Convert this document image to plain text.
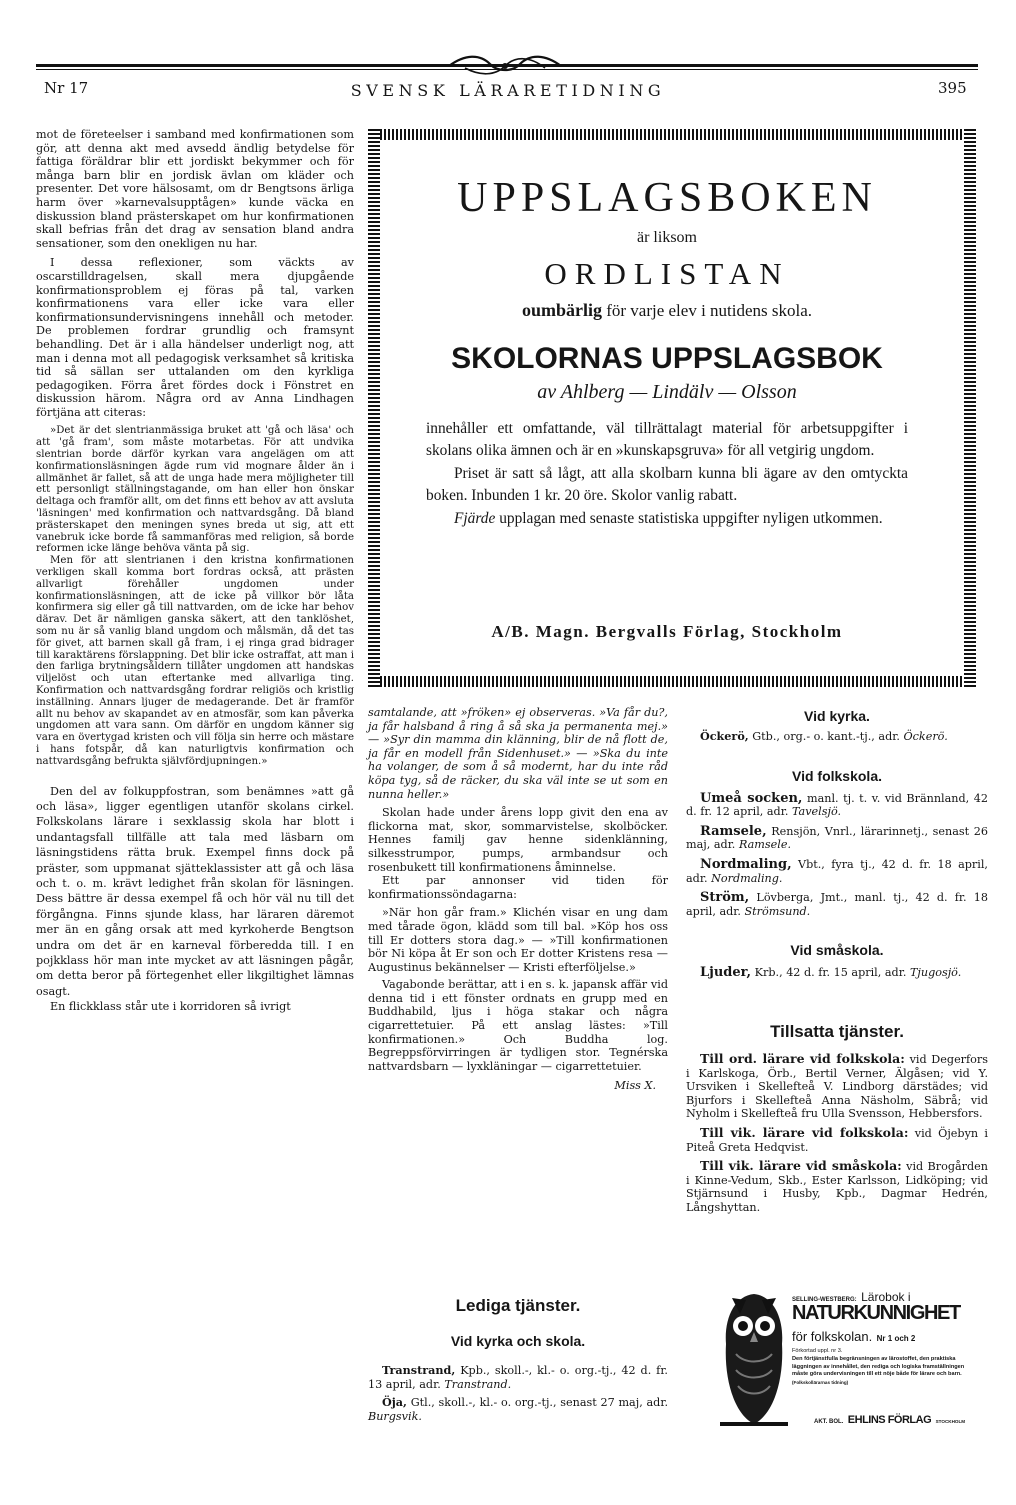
Nr 17	SVENSK LÄRARETIDNING	395

mot de företeelser i samband med konfirmationen som gör, att denna akt med avsedd ändlig betydelse för fattiga föräldrar blir ett jordiskt bekymmer och för många barn blir en jordisk ävlan om kläder och presenter. Det vore hälsosamt, om dr Bengtsons ärliga harm över »karnevalsupptågen» kunde väcka en diskussion bland prästerskapet om hur konfirmationen skall befrias från det drag av sensation bland andra sensationer, som den onekligen nu har.

I dessa reflexioner, som väckts av oscarstilldragelsen, skall mera djupgående konfirmationsproblem ej föras på tal, varken konfirmationens vara eller icke vara eller konfirmationsundervisningens innehåll och metoder. De problemen fordrar grundlig och framsynt behandling. Det är i alla händelser underligt nog, att man i denna mot all pedagogisk verksamhet så kritiska tid så sällan ser uttalanden om den kyrkliga pedagogiken. Förra året fördes dock i Fönstret en diskussion härom. Några ord av Anna Lindhagen förtjäna att citeras:

»Det är det slentrianmässiga bruket att 'gå och läsa' och att 'gå fram', som måste motarbetas. För att undvika slentrian borde därför kyrkan vara angelägen om att konfirmationsläsningen ägde rum vid mognare ålder än i allmänhet är fallet, så att de unga hade mera möjligheter till ett personligt ställningstagande, om han eller hon önskar deltaga och framför allt, om det finns ett behov av att avsluta 'läsningen' med konfirmation och nattvardsgång. Då bland prästerskapet den meningen synes breda ut sig, att ett vanebruk icke borde få sammanföras med religion, så borde reformen icke länge behöva vänta på sig.

Men för att slentrianen i den kristna konfirmationen verkligen skall komma bort fordras också, att prästen allvarligt förehåller ungdomen under konfirmationsläsningen, att de icke på villkor bör låta konfirmera sig eller gå till nattvarden, om de icke har behov därav. Det är nämligen ganska säkert, att den tanklöshet, som nu är så vanlig bland ungdom och målsmän, då det tas för givet, att barnen skall gå fram, i ej ringa grad bidrager till karaktärens förslappning. Det blir icke ostraffat, att man i den farliga brytningsåldern tillåter ungdomen att handskas viljelöst och utan eftertanke med allvarliga ting. Konfirmation och nattvardsgång fordrar religiös och kristlig inställning. Annars ljuger de medagerande. Det är framför allt nu behov av skapandet av en atmosfär, som kan påverka ungdomen att vara sann. Om därför en ungdom känner sig vara en övertygad kristen och vill följa sin herre och mästare i hans fotspår, då kan naturligtvis konfirmation och nattvardsgång befrukta självfördjupningen.»

Den del av folkuppfostran, som benämnes »att gå och läsa», ligger egentligen utanför skolans cirkel. Folkskolans lärare i sexklassig skola har blott i undantagsfall tillfälle att tala med läsbarn om läsningstidens rätta bruk. Exempel finns dock på präster, som uppmanat sjätteklassister att gå och läsa och t. o. m. krävt ledighet från skolan för läsningen. Dess bättre är dessa exempel få och hör väl nu till det förgångna. Finns sjunde klass, har läraren däremot mer än en gång orsak att med kyrkoherde Bengtson undra om det är en karneval förberedda till. I en pojkklass hör man inte mycket av att läsningen pågår, om detta beror på förtegenhet eller likgiltighet lämnas osagt.

En flickklass står ute i korridoren så ivrigt

UPPSLAGSBOKEN
är liksom
ORDLISTAN
oumbärlig för varje elev i nutidens skola.
SKOLORNAS UPPSLAGSBOK
av Ahlberg — Lindälv — Olsson

innehåller ett omfattande, väl tillrättalagt material för arbetsuppgifter i skolans olika ämnen och är en »kunskapsgruva» för all vetgirig ungdom.

Priset är satt så lågt, att alla skolbarn kunna bli ägare av den omtyckta boken. Inbunden 1 kr. 20 öre. Skolor vanlig rabatt.

Fjärde upplagan med senaste statistiska uppgifter nyligen utkommen.

A/B. Magn. Bergvalls Förlag, Stockholm

samtalande, att »fröken» ej observeras. »Va får du?, ja får halsband å ring å så ska ja permanenta mej.» — »Syr din mamma din klänning, blir de nå flott de, ja får en modell från Sidenhuset.» — »Ska du inte ha volanger, de som å så modernt, har du inte råd köpa tyg, så de räcker, du ska väl inte se ut som en nunna heller.»

Skolan hade under årens lopp givit den ena av flickorna mat, skor, sommarvistelse, skolböcker. Hennes familj gav henne sidenklänning, silkesstrumpor, pumps, armbandsur och rosenbukett till konfirmationens åminnelse.

Ett par annonser vid tiden för konfirmationssöndagarna:

»När hon går fram.» Klichén visar en ung dam med tårade ögon, klädd som till bal. »Köp hos oss till Er dotters stora dag.» — »Till konfirmationen bör Ni köpa åt Er son och Er dotter Kristens resa — Augustinus bekännelser — Kristi efterföljelse.»

Vagabonde berättar, att i en s. k. japansk affär vid denna tid i ett fönster ordnats en grupp med en Buddhabild, ljus i höga stakar och några cigarrettetuier. På ett anslag lästes: »Till konfirmationen.» Och Buddha log. Begreppsförvirringen är tydligen stor. Tegnérska nattvardsbarn — lyxkläningar — cigarrettetuier.

Miss X.

Lediga tjänster.
Vid kyrka och skola.

Transtrand, Kpb., skoll.-, kl.- o. org.-tj., 42 d. fr. 13 april, adr. Transtrand.

Öja, Gtl., skoll.-, kl.- o. org.-tj., senast 27 maj, adr. Burgsvik.

Vid kyrka.

Öckerö, Gtb., org.- o. kant.-tj., adr. Öckerö.

Vid folkskola.

Umeå socken, manl. tj. t. v. vid Brännland, 42 d. fr. 12 april, adr. Tavelsjö.

Ramsele, Rensjön, Vnrl., lärarinnetj., senast 26 maj, adr. Ramsele.

Nordmaling, Vbt., fyra tj., 42 d. fr. 18 april, adr. Nordmaling.

Ström, Lövberga, Jmt., manl. tj., 42 d. fr. 18 april, adr. Strömsund.

Vid småskola.

Ljuder, Krb., 42 d. fr. 15 april, adr. Tjugosjö.

Tillsatta tjänster.

Till ord. lärare vid folkskola: vid Degerfors i Karlskoga, Örb., Bertil Verner, Älgåsen; vid Y. Ursviken i Skellefteå V. Lindborg därstädes; vid Bjurfors i Skellefteå Anna Näsholm, Säbrå; vid Nyholm i Skellefteå fru Ulla Svensson, Hebbersfors.

Till vik. lärare vid folkskola: vid Öjebyn i Piteå Greta Hedqvist.

Till vik. lärare vid småskola: vid Brogården i Kinne-Vedum, Skb., Ester Karlsson, Lidköping; vid Stjärnsund i Husby, Kpb., Dagmar Hedrén, Långshyttan.

SELLING-WESTBERG: Lärobok i
NATURKUNNIGHET
för folkskolan. Nr 1 och 2
Förkortad uppl. nr 3.
Den förtjänstfulla begränsningen av lärostoffet, den praktiska läggningen av innehållet, den rediga och logiska framställningen måste göra undervisningen till ett nöje både för lärare och barn. (Folkskollärarnas tidning)
AKT. BOL. EHLINS FÖRLAG STOCKHOLM
